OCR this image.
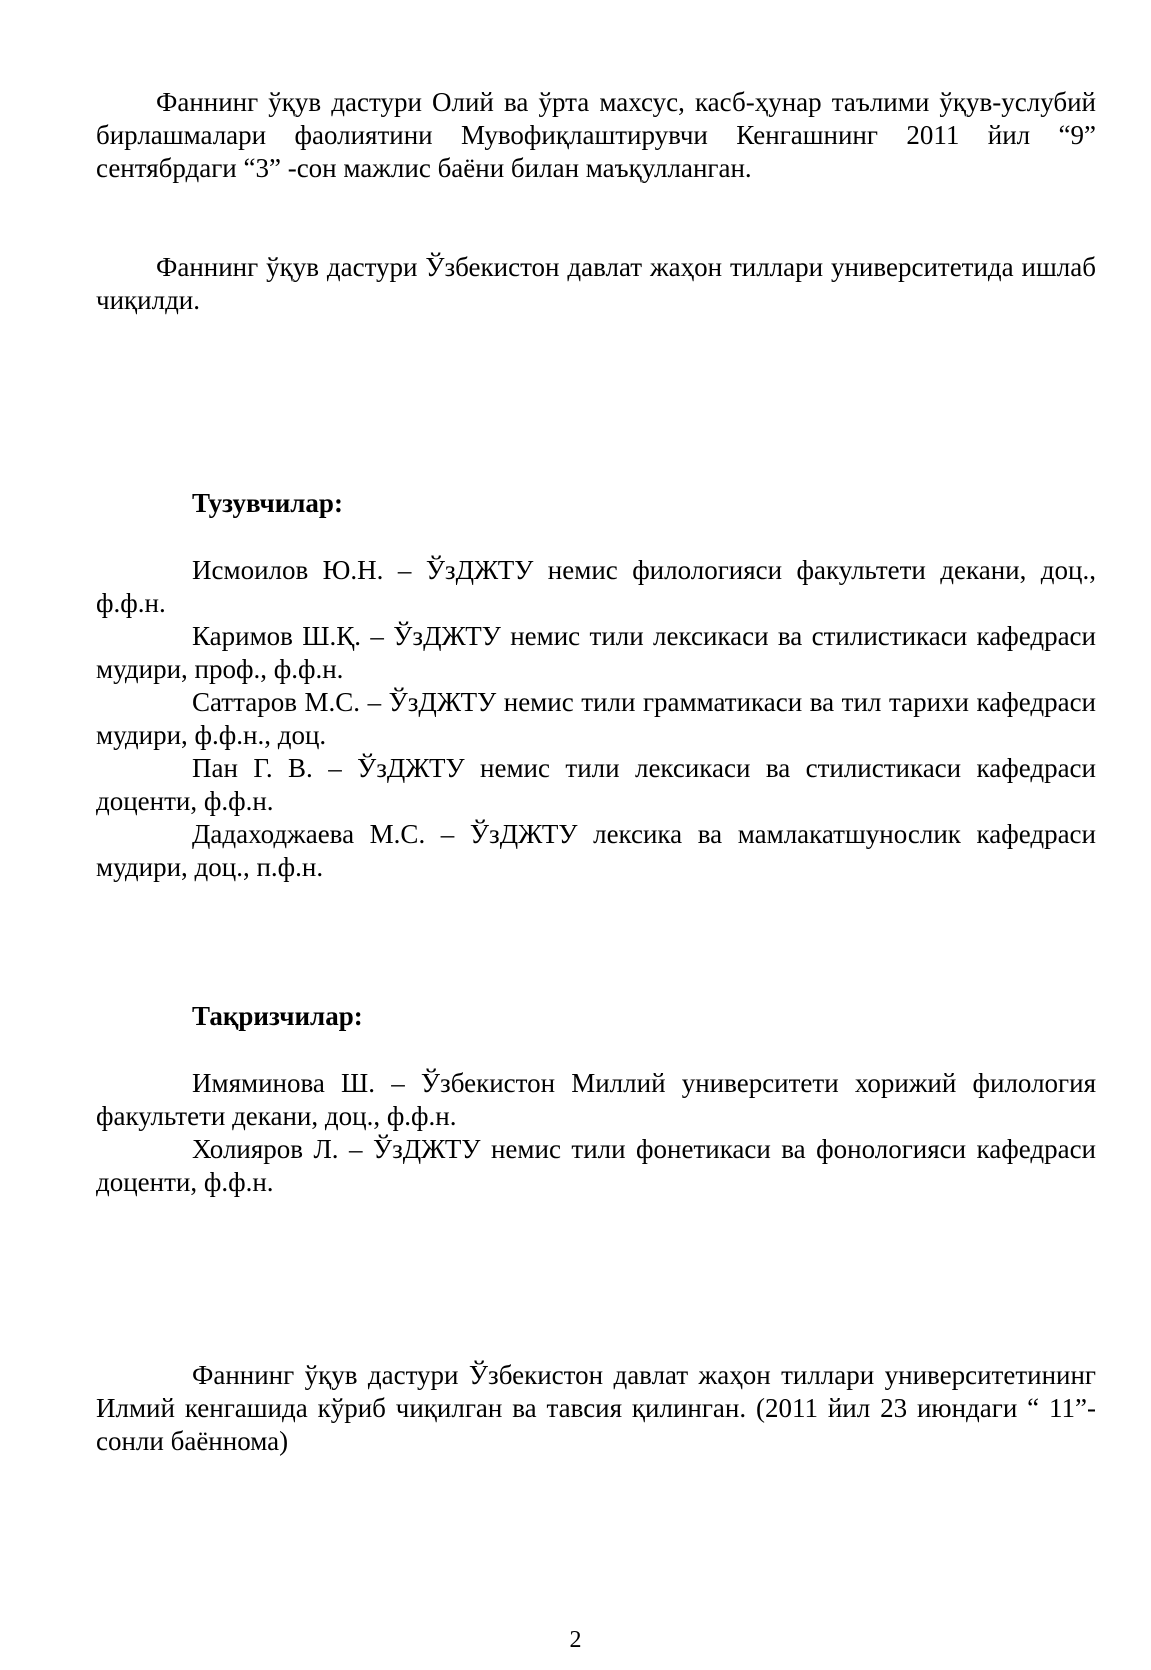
Фаннинг ўқув дастури Олий ва ўрта махсус, касб-ҳунар таълими ўқув-услубий бирлашмалари фаолиятини Мувофиқлаштирувчи Кенгашнинг 2011 йил “9” сентябрдаги “3” -сон мажлис баёни билан маъқулланган.

Фаннинг ўқув дастури Ўзбекистон давлат жаҳон тиллари университетида ишлаб чиқилди.

Тузувчилар:

Исмоилов Ю.Н. – ЎзДЖТУ немис филологияси факультети декани, доц., ф.ф.н.

Каримов Ш.Қ. – ЎзДЖТУ немис тили лексикаси ва стилистикаси кафедраси мудири, проф., ф.ф.н.

Саттаров М.С. – ЎзДЖТУ немис тили грамматикаси ва тил тарихи кафедраси мудири, ф.ф.н., доц.

Пан Г. В. – ЎзДЖТУ немис тили лексикаси ва стилистикаси кафедраси доценти, ф.ф.н.

Дадаходжаева М.С. – ЎзДЖТУ лексика ва мамлакатшунослик кафедраси мудири, доц., п.ф.н.

Тақризчилар:

Имяминова Ш. – Ўзбекистон Миллий университети хорижий филология факультети декани, доц., ф.ф.н.

Холияров Л. – ЎзДЖТУ немис тили фонетикаси ва фонологияси кафедраси доценти, ф.ф.н.

Фаннинг ўқув дастури Ўзбекистон давлат жаҳон тиллари университетининг Илмий кенгашида кўриб чиқилган ва тавсия қилинган. (2011 йил 23 июндаги “ 11”-сонли баённома)

2
